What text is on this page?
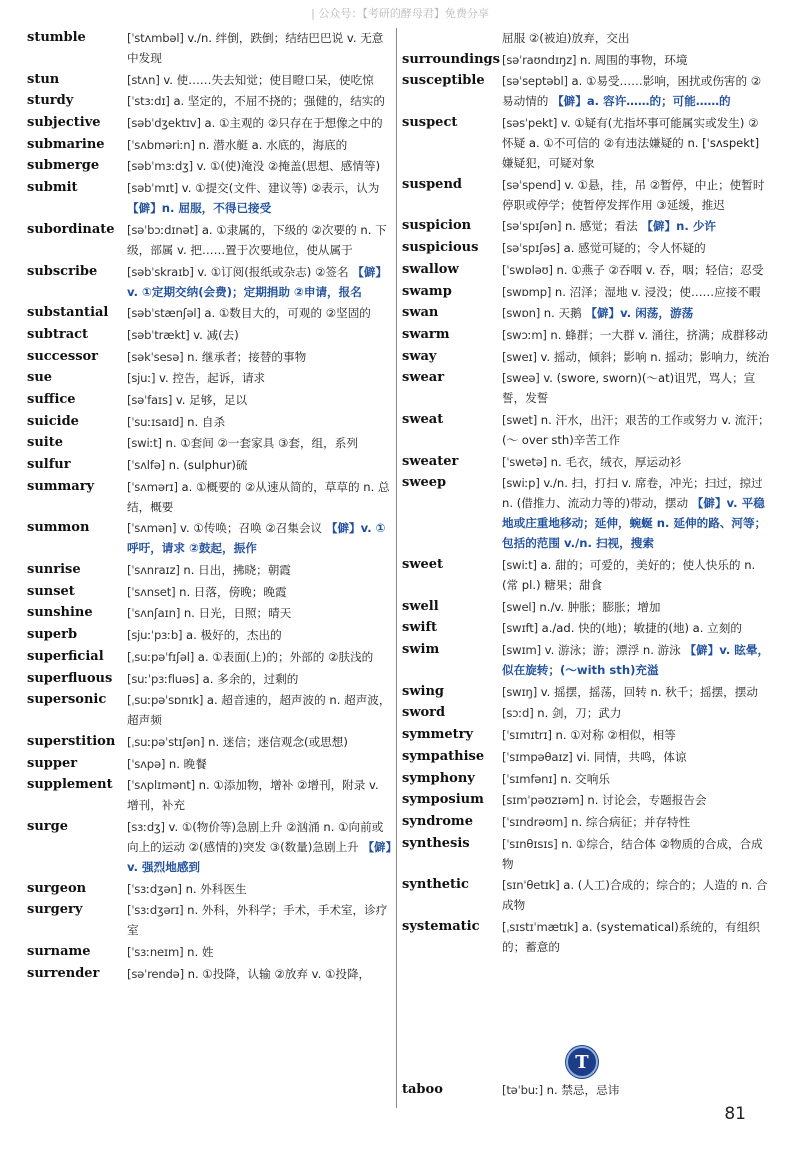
| 公众号：【考研的酵母君】免费分享
stumble	[ˈstʌmbəl] v./n. 绊倒，跌倒；结结巴巴说 v. 无意中发现
stun	[stʌn] v. 使……失去知觉；使目瞪口呆，使吃惊
sturdy	[ˈstɜːdɪ] a. 坚定的，不屈不挠的；强健的，结实的
subjective [səbˈdʒektɪv] a. ①主观的 ②只存在于想像之中的
submarine [ˈsʌbməriːn] n. 潜水艇 a. 水底的，海底的
submerge [səbˈmɜːdʒ] v. ①(使)淹没 ②掩盖(思想、感情等)
submit	[səbˈmɪt] v. ①提交(文件、建议等) ②表示，认为 【僻】n. 屈服，不得已接受
subordinate [səˈbɔːdɪnət] a. ①隶属的，下级的 ②次要的 n. 下级，部属 v. 把……置于次要地位，使从属于
subscribe	[səbˈskraɪb] v. ①订阅(报纸或杂志) ②签名 【僻】v. ①定期交纳(会费)；定期捐助 ②申请，报名
substantial [səbˈstænʃəl] a. ①数目大的，可观的 ②坚固的
subtract	[səbˈtrækt] v. 减(去)
successor [səkˈsesə] n. 继承者；接替的事物
sue	[sjuː] v. 控告，起诉，请求
suffice	[səˈfaɪs] v. 足够，足以
suicide	[ˈsuːɪsaɪd] n. 自杀
suite	[swiːt] n. ①套间 ②一套家具 ③套，组，系列
sulfur	[ˈsʌlfə] n. (sulphur)硫
summary	[ˈsʌmərɪ] a. ①概要的 ②从速从简的，草草的 n. 总结，概要
summon	[ˈsʌmən] v. ①传唤；召唤 ②召集会议 【僻】v. ①呼吁，请求 ②鼓起，振作
sunrise	[ˈsʌnraɪz] n. 日出，拂晓；朝霞
sunset	[ˈsʌnset] n. 日落，傍晚；晚霞
sunshine	[ˈsʌnʃaɪn] n. 日光，日照；晴天
superb	[sjuːˈpɜːb] a. 极好的，杰出的
superficial [ˌsuːpəˈfɪʃəl] a. ①表面(上)的；外部的 ②肤浅的
superfluous [suːˈpɜːfluəs] a. 多余的，过剩的
supersonic [ˌsuːpəˈsɒnɪk] a. 超音速的，超声波的 n. 超声波，超声频
superstition [ˌsuːpəˈstɪʃən] n. 迷信；迷信观念(或思想)
supper	[ˈsʌpə] n. 晚餐
supplement [ˈsʌplɪmənt] n. ①添加物，增补 ②增刊，附录 v. 增刊，补充
surge	[sɜːdʒ] v. ①(物价等)急剧上升 ②汹涌 n. ①向前或向上的运动 ②(感情的)突发 ③(数量)急剧上升 【僻】v. 强烈地感到
surgeon	[ˈsɜːdʒən] n. 外科医生
surgery	[ˈsɜːdʒərɪ] n. 外科，外科学；手术，手术室，诊疗室
surname	[ˈsɜːneɪm] n. 姓
surrender [səˈrendə] n. ①投降，认输 ②放弃 v. ①投降，
屈服 ②(被迫)放弃，交出
surroundings [səˈraʊndɪŋz] n. 周围的事物，环境
susceptible [səˈseptəbl] a. ①易受……影响，困扰或伤害的 ②易动情的 【僻】a. 容许……的；可能……的
suspect	[səsˈpekt] v. ①疑有(尤指坏事可能属实或发生) ②怀疑 a. ①不可信的 ②有违法嫌疑的 n. [ˈsʌspekt]嫌疑犯，可疑对象
suspend	[səˈspend] v. ①悬，挂，吊 ②暂停，中止；使暂时停职或停学；使暂停发挥作用 ③延缓，推迟
suspicion	[səˈspɪʃən] n. 感觉；看法 【僻】n. 少许
suspicious [səˈspɪʃəs] a. 感觉可疑的；令人怀疑的
swallow	[ˈswɒləʊ] n. ①燕子 ②吞咽 v. 吞，咽；轻信；忍受
swamp	[swɒmp] n. 沼泽；湿地 v. 浸没；使……应接不暇
swan	[swɒn] n. 天鹅 【僻】v. 闲荡，游荡
swarm	[swɔːm] n. 蜂群；一大群 v. 涌往，挤满；成群移动
sway	[sweɪ] v. 摇动，倾斜；影响 n. 摇动；影响力，统治
swear	[sweə] v. (swore, sworn)(～at)诅咒，骂人；宣誓，发誓
sweat	[swet] n. 汗水，出汗；艰苦的工作或努力 v. 流汗；(～ over sth)辛苦工作
sweater	[ˈswetə] n. 毛衣，绒衣，厚运动衫
sweep	[swiːp] v./n. 扫，打扫 v. 席卷，冲光；扫过，掠过 n. (借推力、流动力等的)带动，摆动 【僻】v. 平稳地或庄重地移动；延伸，蜿蜒 n. 延伸的路、河等；包括的范围 v./n. 扫视，搜索
sweet	[swiːt] a. 甜的；可爱的，美好的；使人快乐的 n. (常 pl.) 糖果；甜食
swell	[swel] n./v. 肿胀；膨胀；增加
swift	[swɪft] a./ad. 快的(地)；敏捷的(地) a. 立刻的
swim	[swɪm] v. 游泳；游；漂浮 n. 游泳 【僻】v. 眩晕，似在旋转；(～with sth)充溢
swing	[swɪŋ] v. 摇摆，摇荡，回转 n. 秋千；摇摆，摆动
sword	[sɔːd] n. 剑，刀；武力
symmetry [ˈsɪmɪtrɪ] n. ①对称 ②相似，相等
sympathise [ˈsɪmpəθaɪz] vi. 同情，共鸣，体谅
symphony [ˈsɪmfənɪ] n. 交响乐
symposium [sɪmˈpəʊzɪəm] n. 讨论会，专题报告会
syndrome	[ˈsɪndrəʊm] n. 综合病征；并存特性
synthesis	[ˈsɪnθɪsɪs] n. ①综合，结合体 ②物质的合成，合成物
synthetic	[sɪnˈθetɪk] a. (人工)合成的；综合的；人造的 n. 合成物
systematic [ˌsɪstɪˈmætɪk] a. (systematical)系统的，有组织的；蓄意的
T
taboo	[təˈbuː] n. 禁忌，忌讳
81
